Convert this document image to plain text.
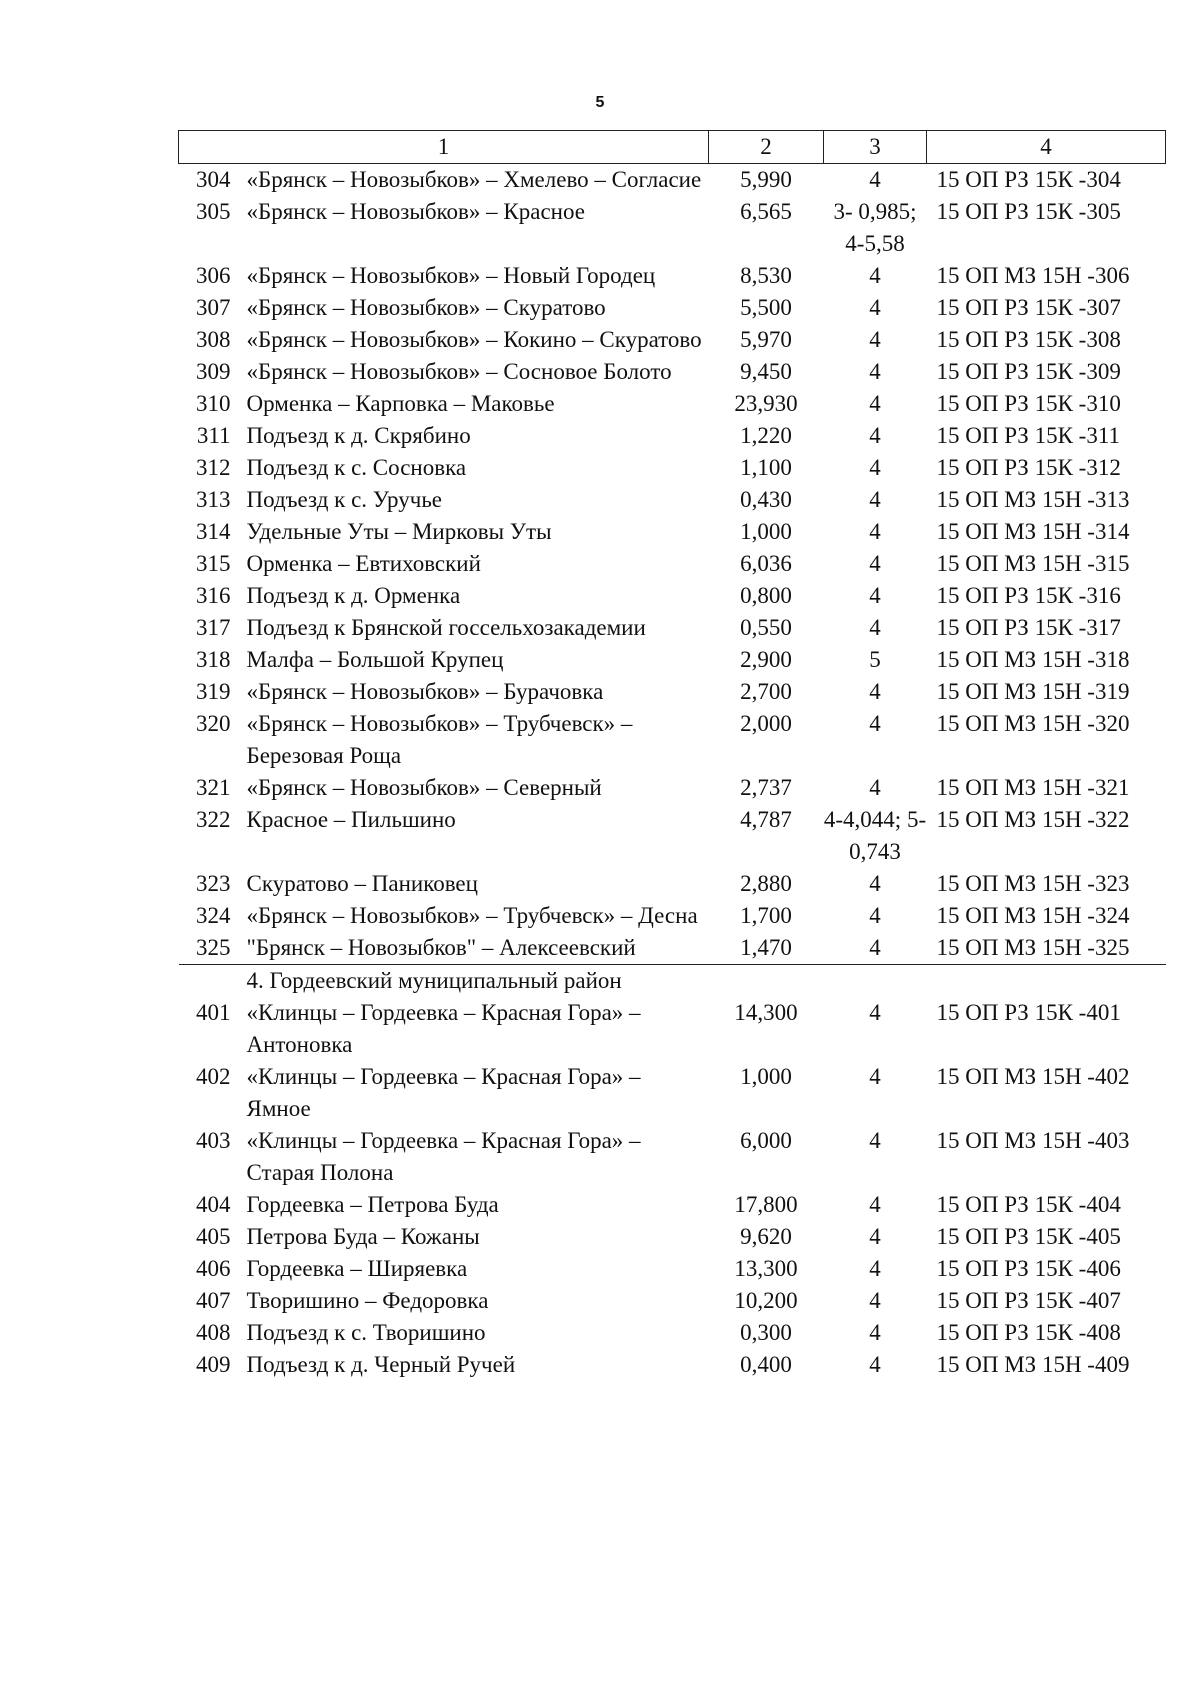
5
1		2	3	4
304	«Брянск – Новозыбков» – Хмелево – Согласие	5,990	4	15 ОП РЗ 15К -304
305	«Брянск – Новозыбков» – Красное	6,565	3- 0,985; 4-5,58	15 ОП РЗ 15К -305
306	«Брянск – Новозыбков» – Новый Городец	8,530	4	15 ОП МЗ 15Н -306
307	«Брянск – Новозыбков» – Скуратово	5,500	4	15 ОП РЗ 15К -307
308	«Брянск – Новозыбков» – Кокино – Скуратово	5,970	4	15 ОП РЗ 15К -308
309	«Брянск – Новозыбков» – Сосновое Болото	9,450	4	15 ОП РЗ 15К -309
310	Орменка – Карповка – Маковье	23,930	4	15 ОП РЗ 15К -310
311	Подъезд к д. Скрябино	1,220	4	15 ОП РЗ 15К -311
312	Подъезд к с. Сосновка	1,100	4	15 ОП РЗ 15К -312
313	Подъезд к с. Уручье	0,430	4	15 ОП МЗ 15Н -313
314	Удельные Уты – Мирковы Уты	1,000	4	15 ОП МЗ 15Н -314
315	Орменка – Евтиховский	6,036	4	15 ОП МЗ 15Н -315
316	Подъезд к д. Орменка	0,800	4	15 ОП РЗ 15К -316
317	Подъезд к Брянской госсельхозакадемии	0,550	4	15 ОП РЗ 15К -317
318	Малфа – Большой Крупец	2,900	5	15 ОП МЗ 15Н -318
319	«Брянск – Новозыбков» – Бурачовка	2,700	4	15 ОП МЗ 15Н -319
320	«Брянск – Новозыбков» – Трубчевск» – Березовая Роща	2,000	4	15 ОП МЗ 15Н -320
321	«Брянск – Новозыбков» – Северный	2,737	4	15 ОП МЗ 15Н -321
322	Красное – Пильшино	4,787	4-4,044; 5-0,743	15 ОП МЗ 15Н -322
323	Скуратово – Паниковец	2,880	4	15 ОП МЗ 15Н -323
324	«Брянск – Новозыбков» – Трубчевск» – Десна	1,700	4	15 ОП МЗ 15Н -324
325	"Брянск – Новозыбков" – Алексеевский	1,470	4	15 ОП МЗ 15Н -325
	4. Гордеевский муниципальный район			
401	«Клинцы – Гордеевка – Красная Гора» – Антоновка	14,300	4	15 ОП РЗ 15К -401
402	«Клинцы – Гордеевка – Красная Гора» – Ямное	1,000	4	15 ОП МЗ 15Н -402
403	«Клинцы – Гордеевка – Красная Гора» – Старая Полона	6,000	4	15 ОП МЗ 15Н -403
404	Гордеевка – Петрова Буда	17,800	4	15 ОП РЗ 15К -404
405	Петрова Буда – Кожаны	9,620	4	15 ОП РЗ 15К -405
406	Гордеевка – Ширяевка	13,300	4	15 ОП РЗ 15К -406
407	Творишино – Федоровка	10,200	4	15 ОП РЗ 15К -407
408	Подъезд к с. Творишино	0,300	4	15 ОП РЗ 15К -408
409	Подъезд к д. Черный Ручей	0,400	4	15 ОП МЗ 15Н -409
